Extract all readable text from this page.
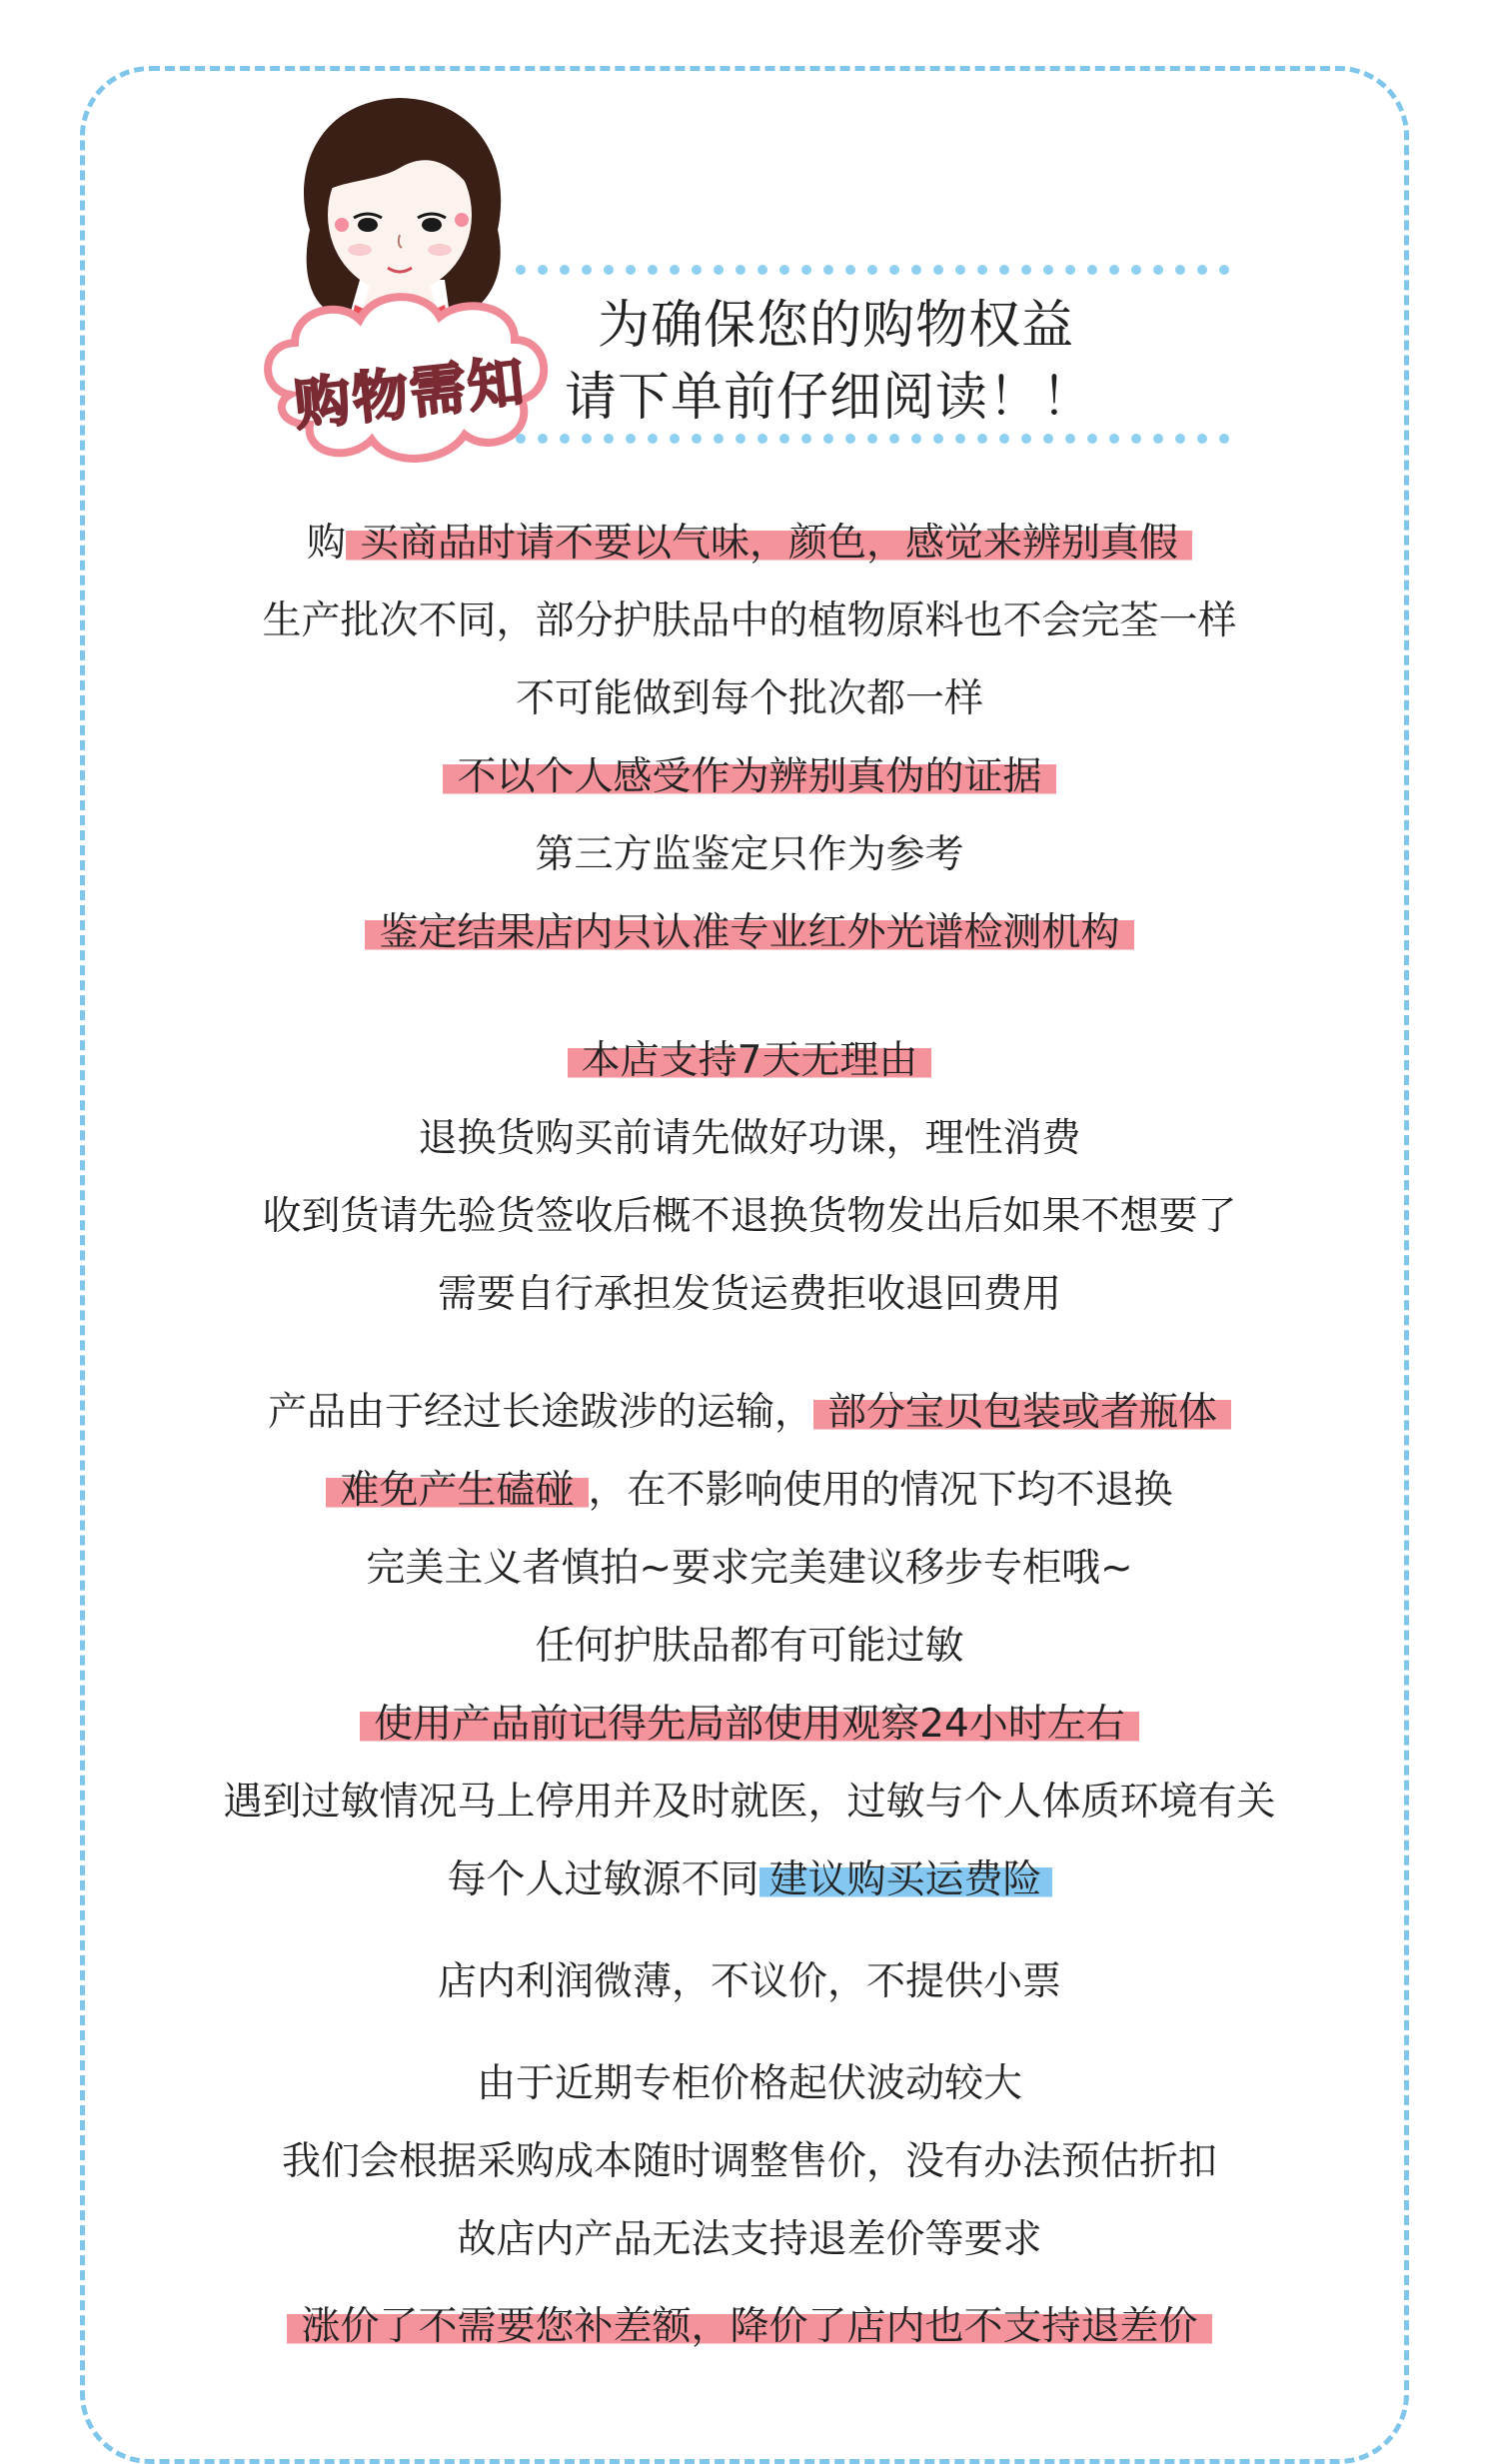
购物需知
为确保您的购物权益
请下单前仔细阅读！！
购 买商品时请不要以气味，颜色，感觉来辨别真假
生产批次不同，部分护肤品中的植物原料也不会完荃一样
不可能做到每个批次都一样
不以个人感受作为辨别真伪的证据
第三方监鉴定只作为参考
鉴定结果店内只认准专业红外光谱检测机构
本店支持7天无理由
退换货购买前请先做好功课，理性消费
收到货请先验货签收后概不退换货物发出后如果不想要了
需要自行承担发货运费拒收退回费用
产品由于经过长途跋涉的运输， 部分宝贝包装或者瓶体
难免产生磕碰 ，在不影响使用的情况下均不退换
完美主义者慎拍~要求完美建议移步专柜哦~
任何护肤品都有可能过敏
使用产品前记得先局部使用观察24小时左右
遇到过敏情况马上停用并及时就医，过敏与个人体质环境有关
每个人过敏源不同 建议购买运费险
店内利润微薄，不议价，不提供小票
由于近期专柜价格起伏波动较大
我们会根据采购成本随时调整售价，没有办法预估折扣
故店内产品无法支持退差价等要求
涨价了不需要您补差额，降价了店内也不支持退差价
